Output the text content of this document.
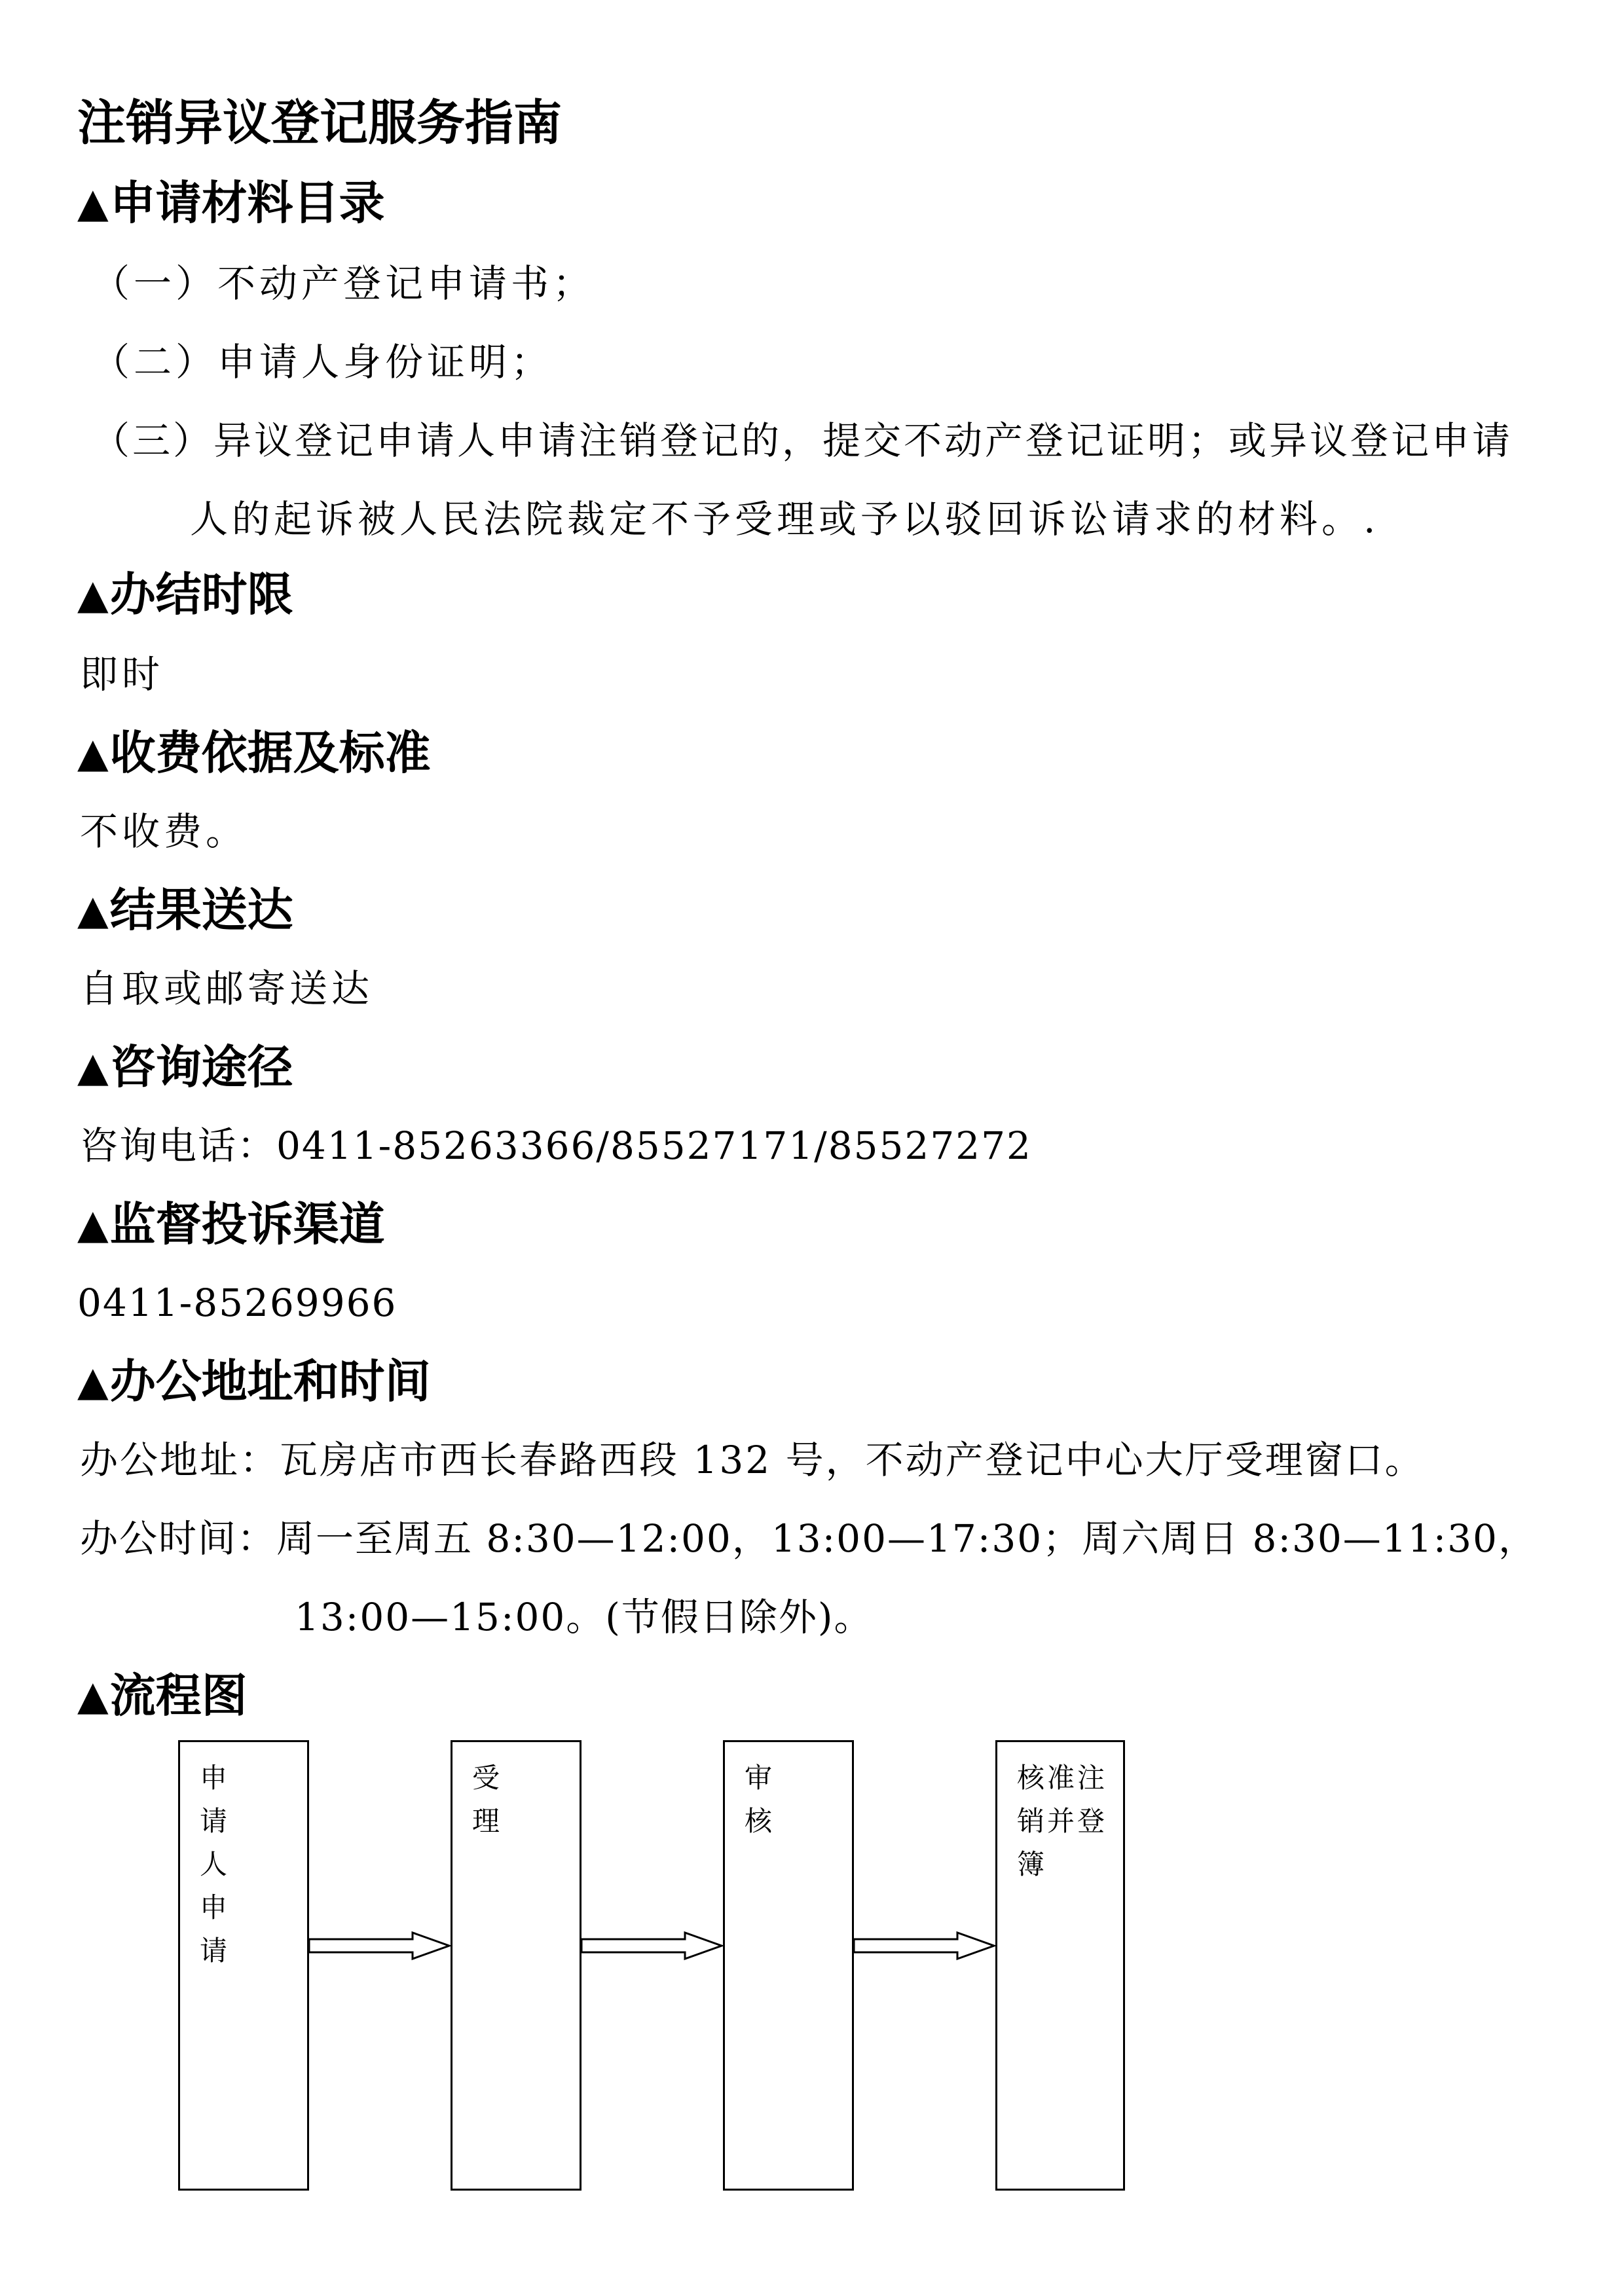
注销异议登记服务指南
▲ 申请材料目录

（一）不动产登记申请书；

（二）申请人身份证明；

（三）异议登记申请人申请注销登记的，提交不动产登记证明；或异议登记申请

人的起诉被人民法院裁定不予受理或予以驳回诉讼请求的材料。.

▲ 办结时限

即时

▲ 收费依据及标准

不收费。

▲ 结果送达

自取或邮寄送达

▲ 咨询途径

咨询电话：0411-85263366/85527171/85527272

▲ 监督投诉渠道

0411-85269966

▲ 办公地址和时间

办公地址：瓦房店市西长春路西段 132 号，不动产登记中心大厅受理窗口。

办公时间：周一至周五 8:30—12:00，13:00—17:30；周六周日 8:30—11:30，

13:00—15:00。(节假日除外)。

▲ 流程图
申
请
人
申
请
受
理
审
核
核准注
销并登
簿
